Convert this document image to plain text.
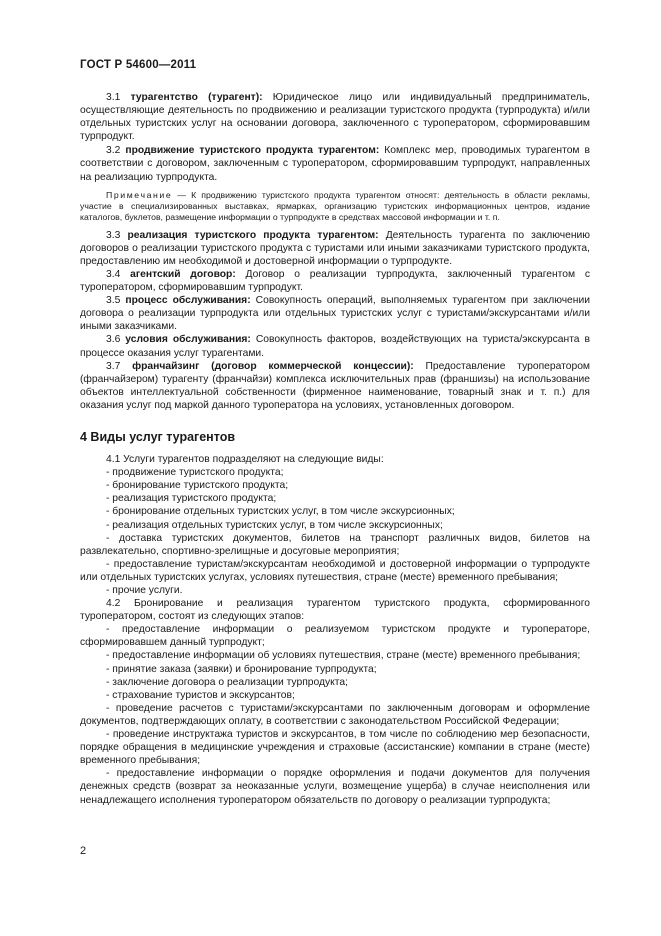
ГОСТ Р 54600—2011

3.1 турагентство (турагент): Юридическое лицо или индивидуальный предприниматель, осуществляющие деятельность по продвижению и реализации туристского продукта (турпродукта) и/или отдельных туристских услуг на основании договора, заключенного с туроператором, сформировавшим турпродукт.

3.2 продвижение туристского продукта турагентом: Комплекс мер, проводимых турагентом в соответствии с договором, заключенным с туроператором, сформировавшим турпродукт, направленных на реализацию турпродукта.

Примечание — К продвижению туристского продукта турагентом относят: деятельность в области рекламы, участие в специализированных выставках, ярмарках, организацию туристских информационных центров, издание каталогов, буклетов, размещение информации о турпродукте в средствах массовой информации и т. п.

3.3 реализация туристского продукта турагентом: Деятельность турагента по заключению договоров о реализации туристского продукта с туристами или иными заказчиками туристского продукта, предоставлению им необходимой и достоверной информации о турпродукте.

3.4 агентский договор: Договор о реализации турпродукта, заключенный турагентом с туроператором, сформировавшим турпродукт.

3.5 процесс обслуживания: Совокупность операций, выполняемых турагентом при заключении договора о реализации турпродукта или отдельных туристских услуг с туристами/экскурсантами и/или иными заказчиками.

3.6 условия обслуживания: Совокупность факторов, воздействующих на туриста/экскурсанта в процессе оказания услуг турагентами.

3.7 франчайзинг (договор коммерческой концессии): Предоставление туроператором (франчайзером) турагенту (франчайзи) комплекса исключительных прав (франшизы) на использование объектов интеллектуальной собственности (фирменное наименование, товарный знак и т. п.) для оказания услуг под маркой данного туроператора на условиях, установленных договором.

4 Виды услуг турагентов

4.1 Услуги турагентов подразделяют на следующие виды:

- продвижение туристского продукта;

- бронирование туристского продукта;

- реализация туристского продукта;

- бронирование отдельных туристских услуг, в том числе экскурсионных;

- реализация отдельных туристских услуг, в том числе экскурсионных;

- доставка туристских документов, билетов на транспорт различных видов, билетов на развлекательно, спортивно-зрелищные и досуговые мероприятия;

- предоставление туристам/экскурсантам необходимой и достоверной информации о турпродукте или отдельных туристских услугах, условиях путешествия, стране (месте) временного пребывания;

- прочие услуги.

4.2 Бронирование и реализация турагентом туристского продукта, сформированного туроператором, состоят из следующих этапов:

- предоставление информации о реализуемом туристском продукте и туроператоре, сформировавшем данный турпродукт;

- предоставление информации об условиях путешествия, стране (месте) временного пребывания;

- принятие заказа (заявки) и бронирование турпродукта;

- заключение договора о реализации турпродукта;

- страхование туристов и экскурсантов;

- проведение расчетов с туристами/экскурсантами по заключенным договорам и оформление документов, подтверждающих оплату, в соответствии с законодательством Российской Федерации;

- проведение инструктажа туристов и экскурсантов, в том числе по соблюдению мер безопасности, порядке обращения в медицинские учреждения и страховые (ассистанские) компании в стране (месте) временного пребывания;

- предоставление информации о порядке оформления и подачи документов для получения денежных средств (возврат за неоказанные услуги, возмещение ущерба) в случае неисполнения или ненадлежащего исполнения туроператором обязательств по договору о реализации турпродукта;

2
